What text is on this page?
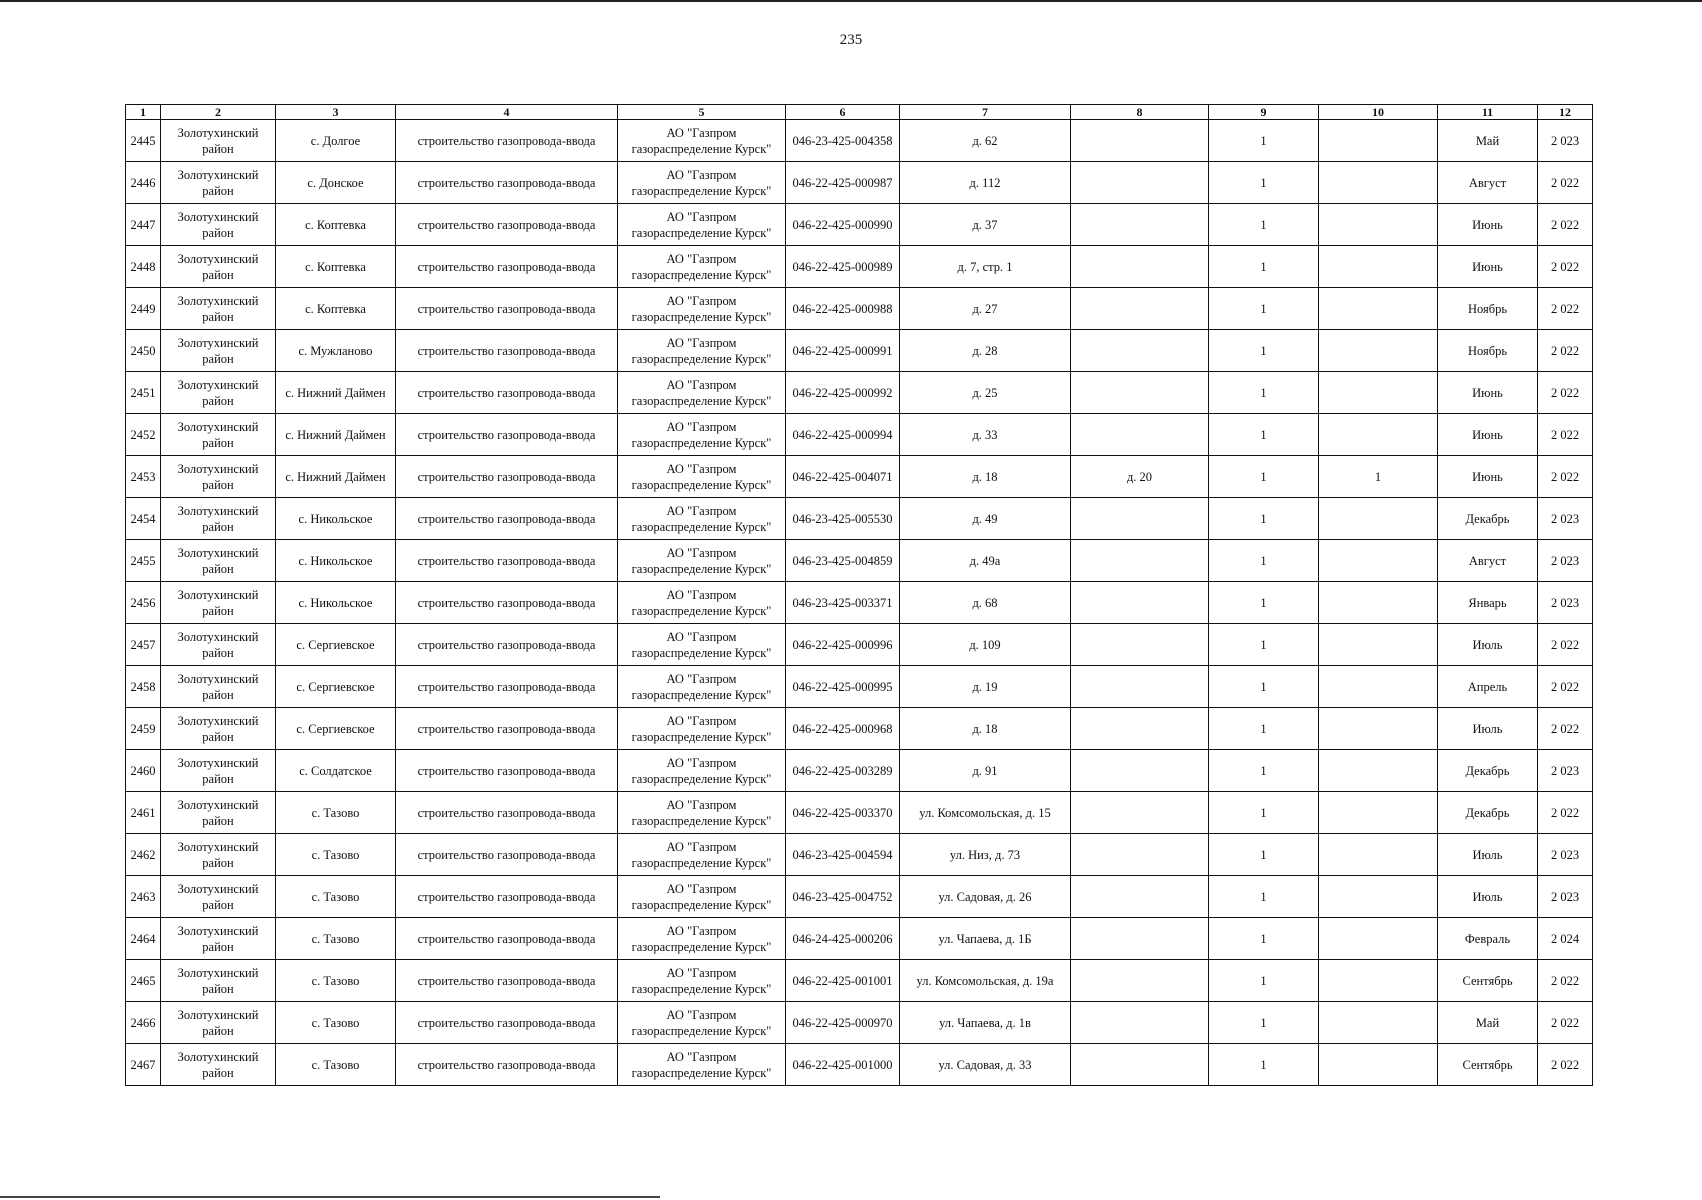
235
1	2	3	4	5	6	7	8	9	10	11	12
2445	Золотухинский район	с. Долгое	строительство газопровода-ввода	АО "Газпром газораспределение Курск"	046-23-425-004358	д. 62		1		Май	2 023
2446	Золотухинский район	с. Донское	строительство газопровода-ввода	АО "Газпром газораспределение Курск"	046-22-425-000987	д. 112		1		Август	2 022
2447	Золотухинский район	с. Коптевка	строительство газопровода-ввода	АО "Газпром газораспределение Курск"	046-22-425-000990	д. 37		1		Июнь	2 022
2448	Золотухинский район	с. Коптевка	строительство газопровода-ввода	АО "Газпром газораспределение Курск"	046-22-425-000989	д. 7, стр. 1		1		Июнь	2 022
2449	Золотухинский район	с. Коптевка	строительство газопровода-ввода	АО "Газпром газораспределение Курск"	046-22-425-000988	д. 27		1		Ноябрь	2 022
2450	Золотухинский район	с. Мужланово	строительство газопровода-ввода	АО "Газпром газораспределение Курск"	046-22-425-000991	д. 28		1		Ноябрь	2 022
2451	Золотухинский район	с. Нижний Даймен	строительство газопровода-ввода	АО "Газпром газораспределение Курск"	046-22-425-000992	д. 25		1		Июнь	2 022
2452	Золотухинский район	с. Нижний Даймен	строительство газопровода-ввода	АО "Газпром газораспределение Курск"	046-22-425-000994	д. 33		1		Июнь	2 022
2453	Золотухинский район	с. Нижний Даймен	строительство газопровода-ввода	АО "Газпром газораспределение Курск"	046-22-425-004071	д. 18	д. 20	1	1	Июнь	2 022
2454	Золотухинский район	с. Никольское	строительство газопровода-ввода	АО "Газпром газораспределение Курск"	046-23-425-005530	д. 49		1		Декабрь	2 023
2455	Золотухинский район	с. Никольское	строительство газопровода-ввода	АО "Газпром газораспределение Курск"	046-23-425-004859	д. 49а		1		Август	2 023
2456	Золотухинский район	с. Никольское	строительство газопровода-ввода	АО "Газпром газораспределение Курск"	046-23-425-003371	д. 68		1		Январь	2 023
2457	Золотухинский район	с. Сергиевское	строительство газопровода-ввода	АО "Газпром газораспределение Курск"	046-22-425-000996	д. 109		1		Июль	2 022
2458	Золотухинский район	с. Сергиевское	строительство газопровода-ввода	АО "Газпром газораспределение Курск"	046-22-425-000995	д. 19		1		Апрель	2 022
2459	Золотухинский район	с. Сергиевское	строительство газопровода-ввода	АО "Газпром газораспределение Курск"	046-22-425-000968	д. 18		1		Июль	2 022
2460	Золотухинский район	с. Солдатское	строительство газопровода-ввода	АО "Газпром газораспределение Курск"	046-22-425-003289	д. 91		1		Декабрь	2 023
2461	Золотухинский район	с. Тазово	строительство газопровода-ввода	АО "Газпром газораспределение Курск"	046-22-425-003370	ул. Комсомольская, д. 15		1		Декабрь	2 022
2462	Золотухинский район	с. Тазово	строительство газопровода-ввода	АО "Газпром газораспределение Курск"	046-23-425-004594	ул. Низ, д. 73		1		Июль	2 023
2463	Золотухинский район	с. Тазово	строительство газопровода-ввода	АО "Газпром газораспределение Курск"	046-23-425-004752	ул. Садовая, д. 26		1		Июль	2 023
2464	Золотухинский район	с. Тазово	строительство газопровода-ввода	АО "Газпром газораспределение Курск"	046-24-425-000206	ул. Чапаева, д. 1Б		1		Февраль	2 024
2465	Золотухинский район	с. Тазово	строительство газопровода-ввода	АО "Газпром газораспределение Курск"	046-22-425-001001	ул. Комсомольская, д. 19а		1		Сентябрь	2 022
2466	Золотухинский район	с. Тазово	строительство газопровода-ввода	АО "Газпром газораспределение Курск"	046-22-425-000970	ул. Чапаева, д. 1в		1		Май	2 022
2467	Золотухинский район	с. Тазово	строительство газопровода-ввода	АО "Газпром газораспределение Курск"	046-22-425-001000	ул. Садовая, д. 33		1		Сентябрь	2 022
